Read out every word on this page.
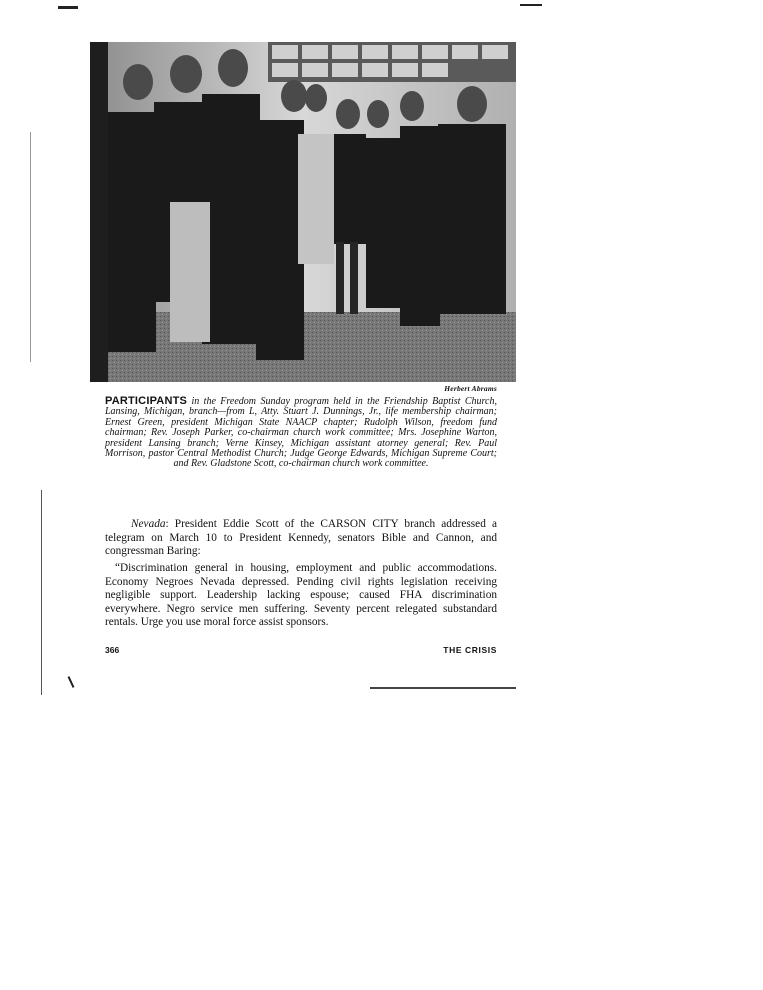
Herbert Abrams
PARTICIPANTS in the Freedom Sunday program held in the Friendship Baptist Church, Lansing, Michigan, branch—from L, Atty. Stuart J. Dunnings, Jr., life membership chairman; Ernest Green, president Michigan State NAACP chapter; Rudolph Wilson, freedom fund chairman; Rev. Joseph Parker, co-chairman church work committee; Mrs. Josephine Warton, president Lansing branch; Verne Kinsey, Michigan assistant atorney general; Rev. Paul Morrison, pastor Central Methodist Church; Judge George Edwards, Michigan Supreme Court; and Rev. Gladstone Scott, co-chairman church work committee.

Nevada: President Eddie Scott of the CARSON CITY branch addressed a telegram on March 10 to President Kennedy, senators Bible and Cannon, and congressman Baring:

“Discrimination general in housing, employment and public accommodations. Economy Negroes Nevada depressed. Pending civil rights legislation receiving negligible support. Leadership lacking espouse; caused FHA discrimination everywhere. Negro service men suffering. Seventy percent relegated substandard rentals. Urge you use moral force assist sponsors.

366	THE CRISIS
